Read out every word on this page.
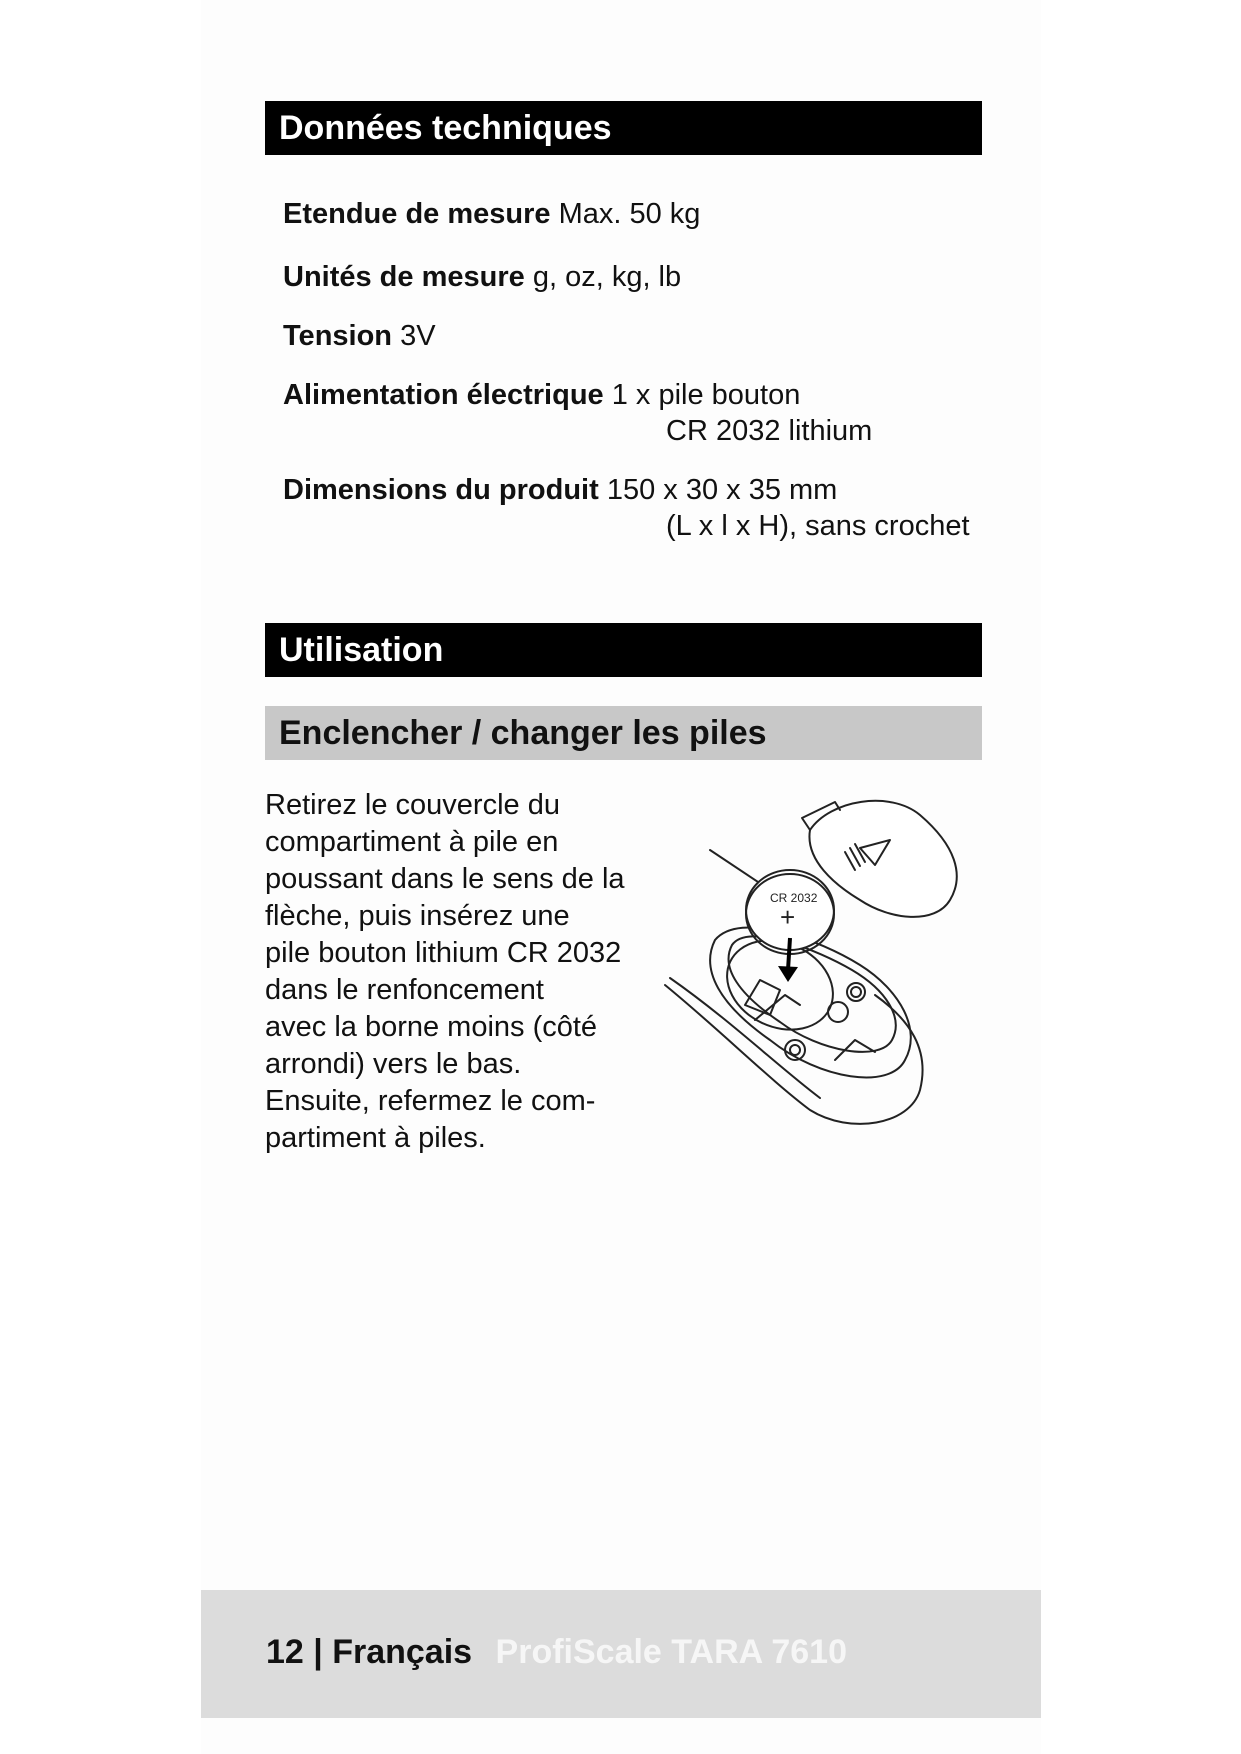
Données techniques
Etendue de mesure Max. 50 kg
Unités de mesure g, oz, kg, lb
Tension 3V
Alimentation électrique 1 x pile bouton
CR 2032 lithium
Dimensions du produit 150 x 30 x 35 mm
(L x l x H), sans crochet
Utilisation
Enclencher / changer les piles
Retirez le couvercle du
compartiment à pile en
poussant dans le sens de la
flèche, puis insérez une
pile bouton lithium CR 2032
dans le renfoncement
avec la borne moins (côté
arrondi) vers le bas.
Ensuite, refermez le com-
partiment à piles.
CR 2032
+
12 | Français ProfiScale TARA 7610
